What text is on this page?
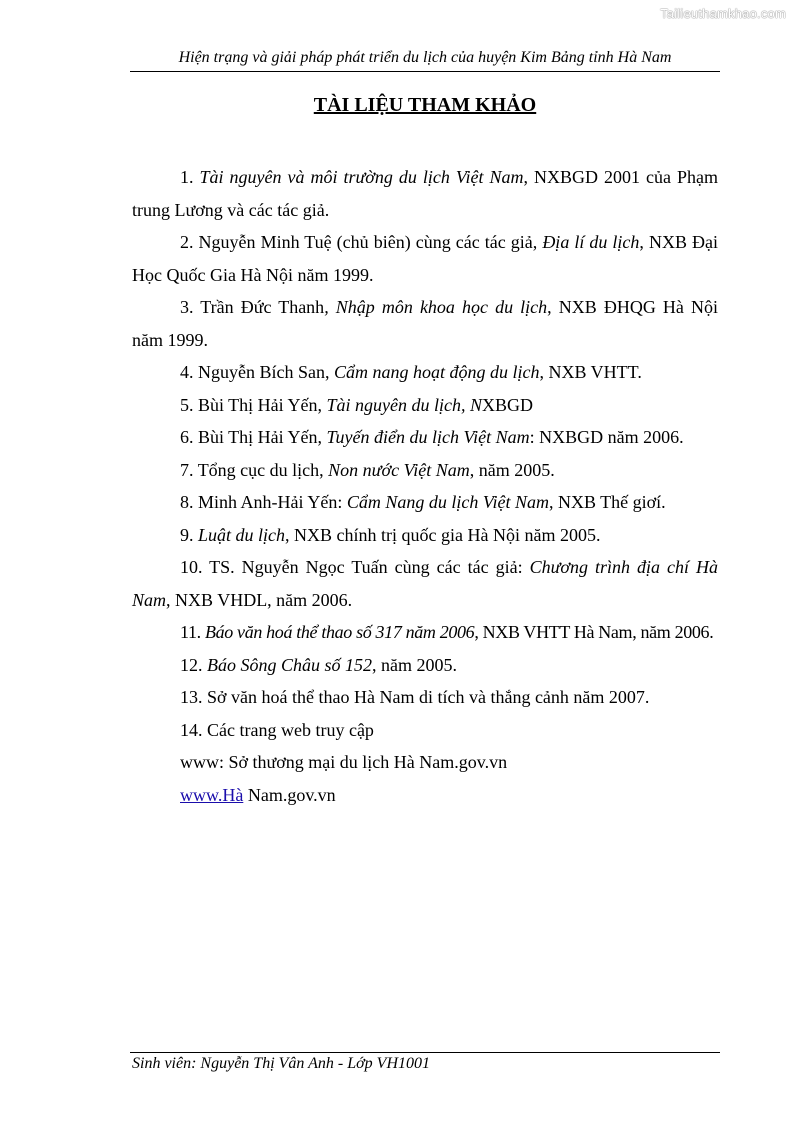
Tailieuthamkhao.com
Hiện trạng và giải pháp phát triển du lịch của huyện Kim Bảng tỉnh Hà Nam
TÀI LIỆU THAM KHẢO

1. Tài nguyên và môi trường du lịch Việt Nam, NXBGD 2001 của Phạm trung Lương và các tác giả.

2. Nguyễn Minh Tuệ (chủ biên) cùng các tác giả, Địa lí du lịch, NXB Đại Học Quốc Gia Hà Nội năm 1999.

3. Trần Đức Thanh, Nhập môn khoa học du lịch, NXB ĐHQG Hà Nội năm 1999.

4. Nguyễn Bích San, Cẩm nang hoạt động du lịch, NXB VHTT.

5. Bùi Thị Hải Yến, Tài nguyên du lịch, NXBGD

6. Bùi Thị Hải Yến, Tuyến điển du lịch Việt Nam: NXBGD năm 2006.

7. Tổng cục du lịch, Non nước Việt Nam, năm 2005.

8. Minh Anh-Hải Yến: Cẩm Nang du lịch Việt Nam, NXB Thế giơí.

9. Luật du lịch, NXB chính trị quốc gia Hà Nội năm 2005.

10. TS. Nguyễn Ngọc Tuấn cùng các tác giả: Chương trình địa chí Hà Nam, NXB VHDL, năm 2006.

11. Báo văn hoá thể thao số 317 năm 2006, NXB VHTT Hà Nam, năm 2006.

12. Báo Sông Châu số 152, năm 2005.

13. Sở văn hoá thể thao Hà Nam di tích và thắng cảnh năm 2007.

14. Các trang web truy cập

www: Sở thương mại du lịch Hà Nam.gov.vn

www.Hà Nam.gov.vn

Sinh viên: Nguyễn Thị Vân Anh - Lớp VH1001
